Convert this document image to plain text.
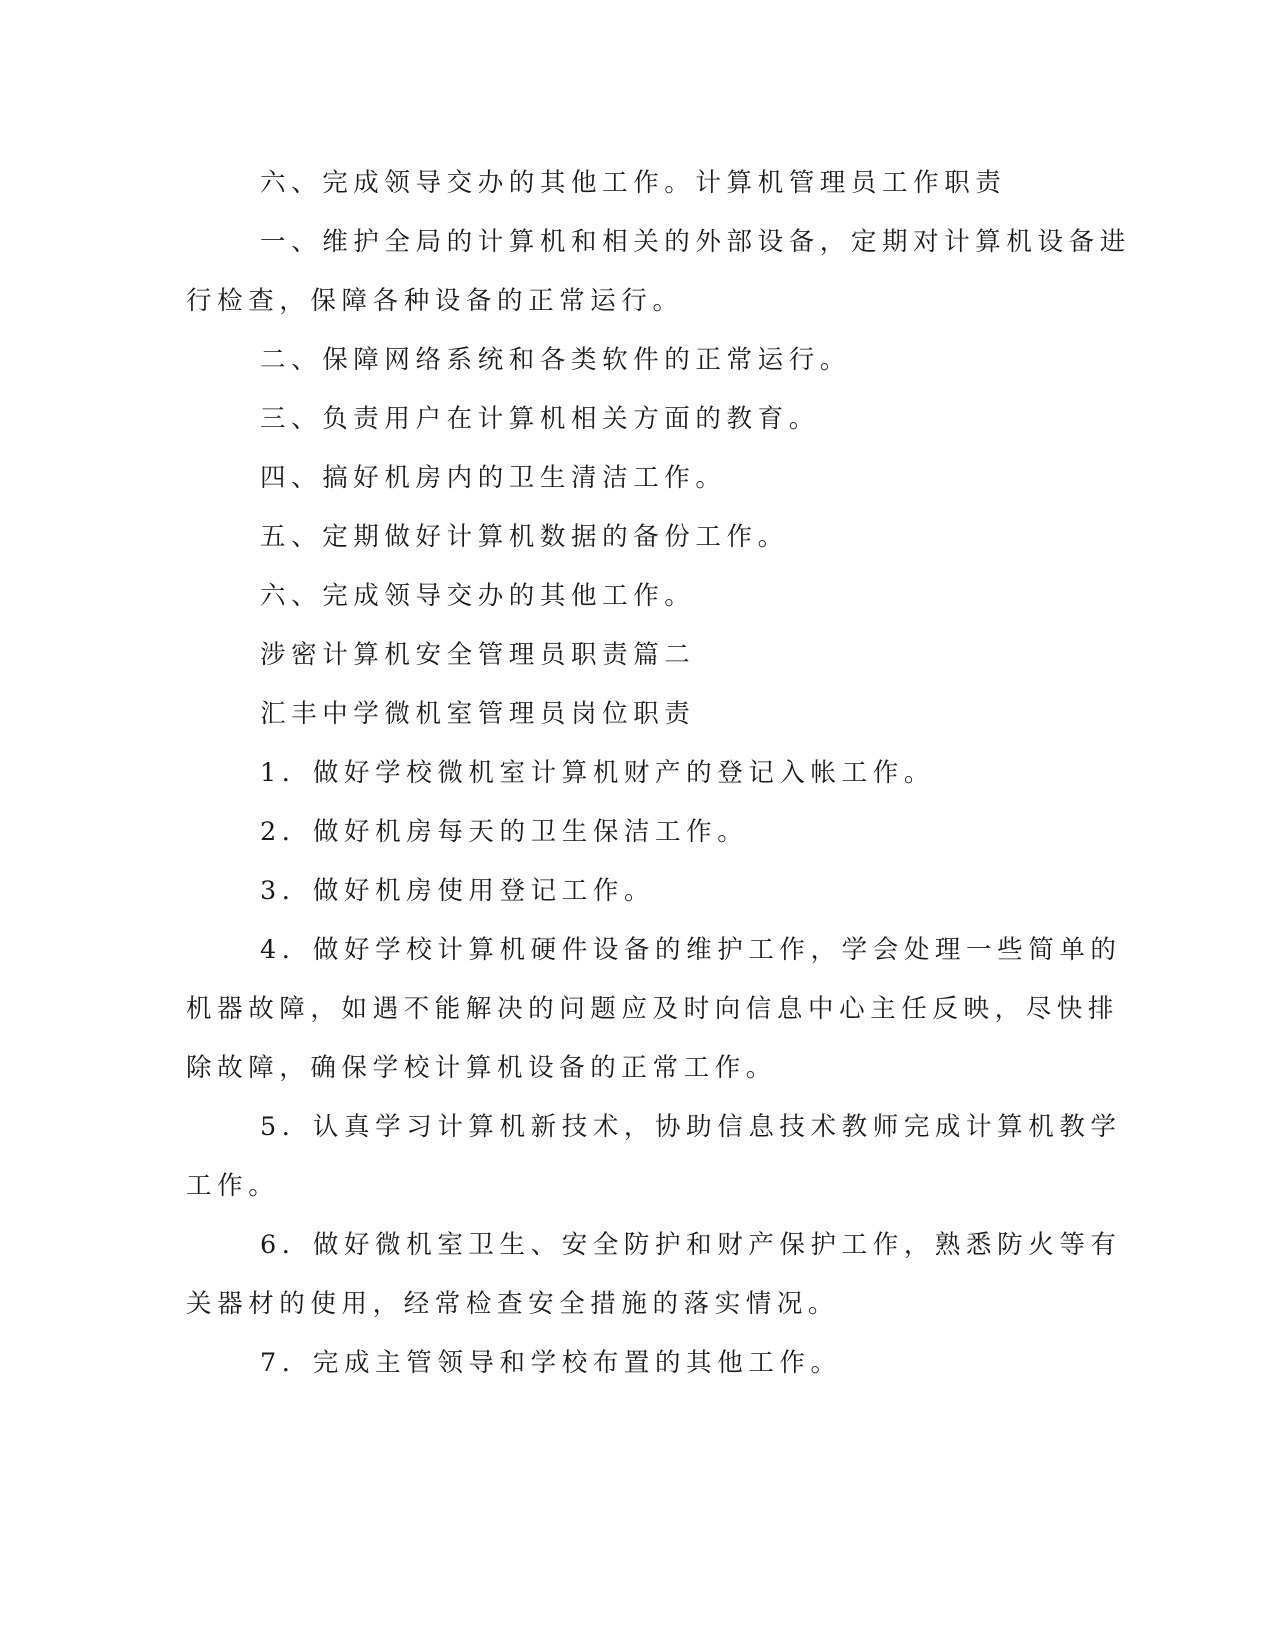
六、完成领导交办的其他工作。计算机管理员工作职责
一、维护全局的计算机和相关的外部设备，定期对计算机设备进
行检查，保障各种设备的正常运行。
二、保障网络系统和各类软件的正常运行。
三、负责用户在计算机相关方面的教育。
四、搞好机房内的卫生清洁工作。
五、定期做好计算机数据的备份工作。
六、完成领导交办的其他工作。
涉密计算机安全管理员职责篇二
汇丰中学微机室管理员岗位职责
1．做好学校微机室计算机财产的登记入帐工作。
2．做好机房每天的卫生保洁工作。
3．做好机房使用登记工作。
4．做好学校计算机硬件设备的维护工作，学会处理一些简单的
机器故障，如遇不能解决的问题应及时向信息中心主任反映，尽快排
除故障，确保学校计算机设备的正常工作。
5．认真学习计算机新技术，协助信息技术教师完成计算机教学
工作。
6．做好微机室卫生、安全防护和财产保护工作，熟悉防火等有
关器材的使用，经常检查安全措施的落实情况。
7．完成主管领导和学校布置的其他工作。
